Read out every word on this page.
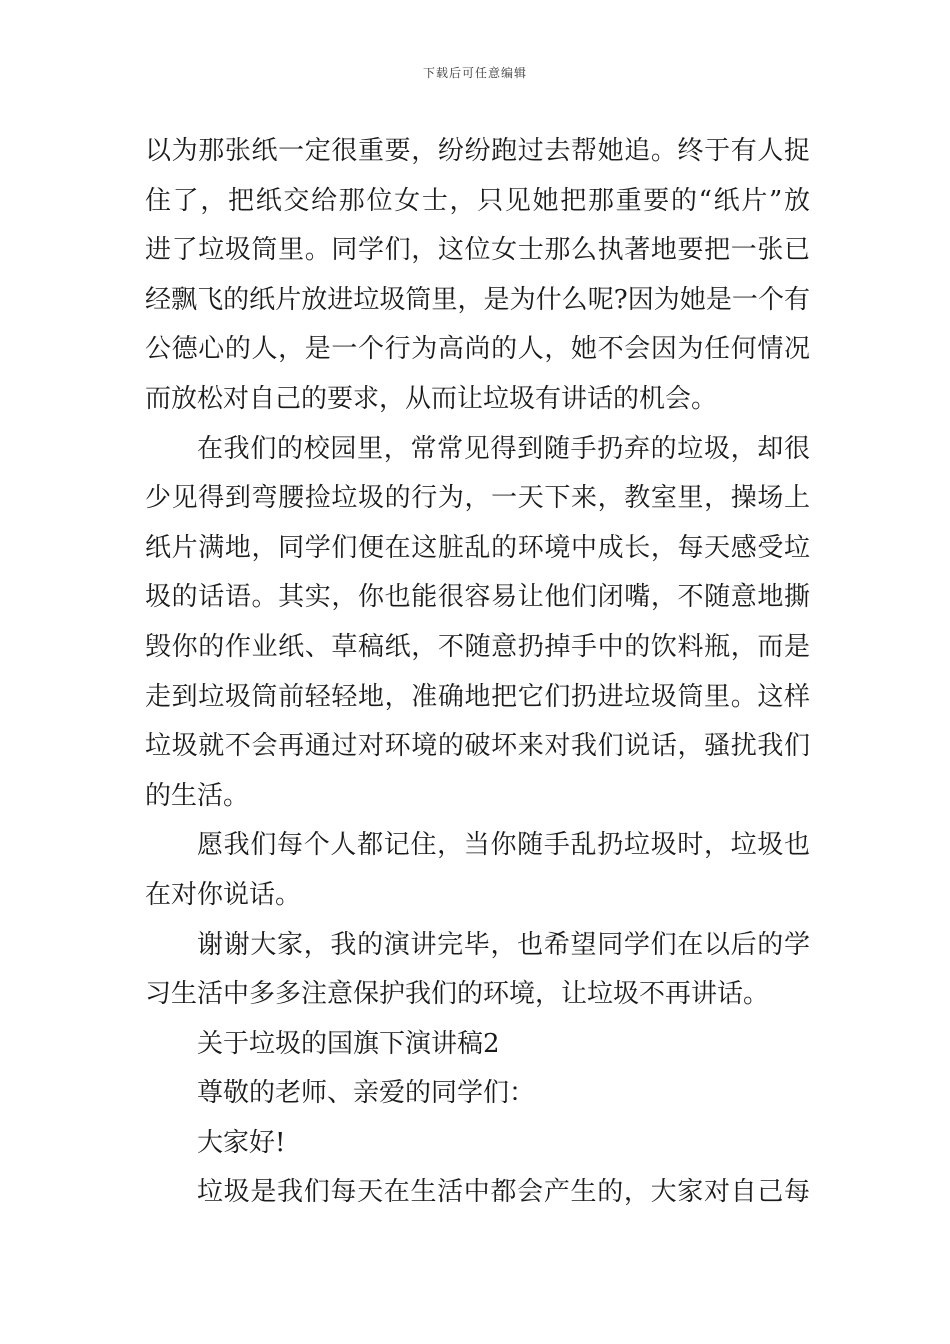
下载后可任意编辑
以为那张纸一定很重要，纷纷跑过去帮她追。终于有人捉
住了，把纸交给那位女士，只见她把那重要的“纸片”放
进了垃圾筒里。同学们，这位女士那么执著地要把一张已
经飘飞的纸片放进垃圾筒里，是为什么呢?因为她是一个有
公德心的人，是一个行为高尚的人，她不会因为任何情况
而放松对自己的要求，从而让垃圾有讲话的机会。
在我们的校园里，常常见得到随手扔弃的垃圾，却很
少见得到弯腰捡垃圾的行为，一天下来，教室里，操场上
纸片满地，同学们便在这脏乱的环境中成长，每天感受垃
圾的话语。其实，你也能很容易让他们闭嘴，不随意地撕
毁你的作业纸、草稿纸，不随意扔掉手中的饮料瓶，而是
走到垃圾筒前轻轻地，准确地把它们扔进垃圾筒里。这样
垃圾就不会再通过对环境的破坏来对我们说话，骚扰我们
的生活。
愿我们每个人都记住，当你随手乱扔垃圾时，垃圾也
在对你说话。
谢谢大家，我的演讲完毕，也希望同学们在以后的学
习生活中多多注意保护我们的环境，让垃圾不再讲话。
关于垃圾的国旗下演讲稿2
尊敬的老师、亲爱的同学们：
大家好!
垃圾是我们每天在生活中都会产生的，大家对自己每
